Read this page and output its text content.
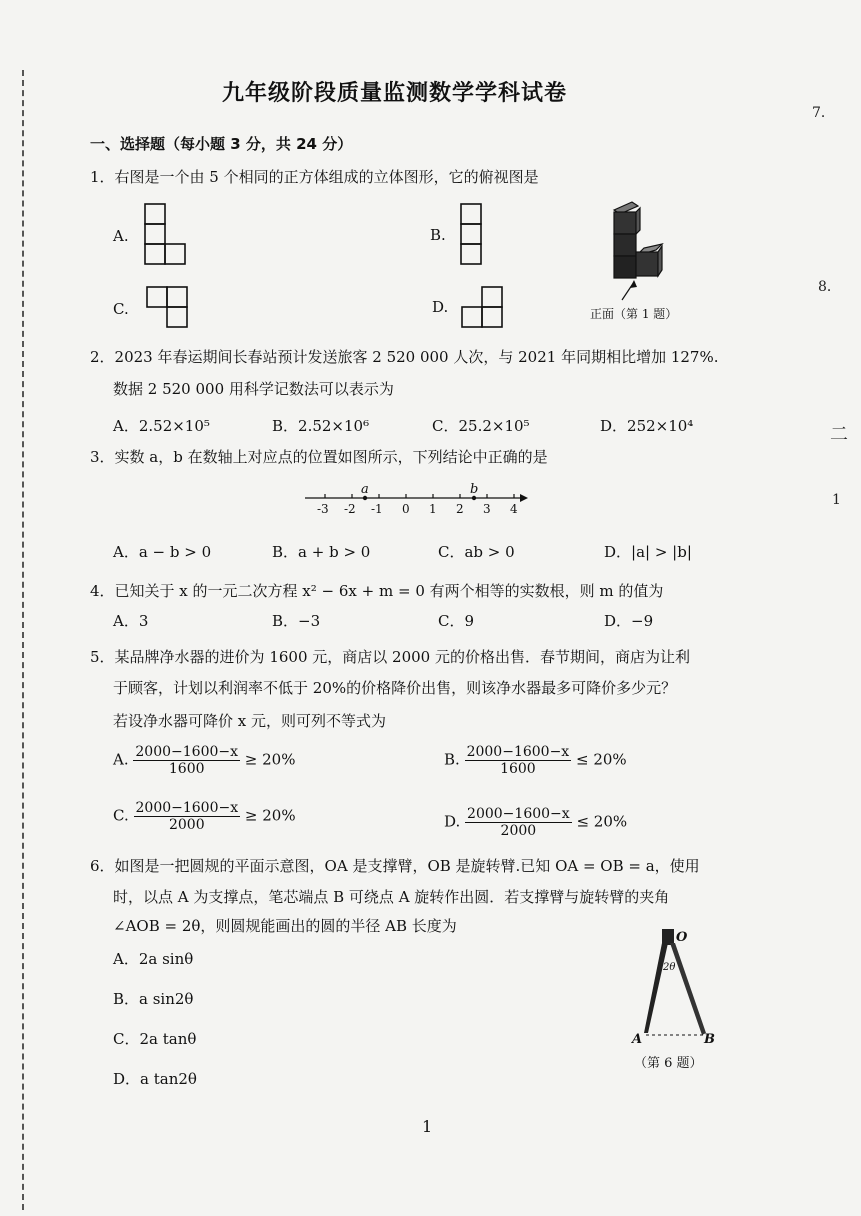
九年级阶段质量监测数学学科试卷
一、选择题（每小题 3 分，共 24 分）
1．右图是一个由 5 个相同的正方体组成的立体图形，它的俯视图是
A.	B.
C.	D.	正面（第 1 题）
2．2023 年春运期间长春站预计发送旅客 2 520 000 人次，与 2021 年同期相比增加 127%.
数据 2 520 000 用科学记数法可以表示为
A．2.52×10⁵	B．2.52×10⁶	C．25.2×10⁵	D．252×10⁴
3．实数 a，b 在数轴上对应点的位置如图所示，下列结论中正确的是
-3 -2 -1 0 1 2 3 4
a	b
A．a − b > 0	B．a + b > 0	C．ab > 0	D．|a| > |b|
4．已知关于 x 的一元二次方程 x² − 6x + m = 0 有两个相等的实数根，则 m 的值为
A．3	B．−3	C．9	D．−9
5．某品牌净水器的进价为 1600 元，商店以 2000 元的价格出售．春节期间，商店为让利
于顾客，计划以利润率不低于 20%的价格降价出售，则该净水器最多可降价多少元？
若设净水器可降价 x 元，则可列不等式为
A. $\frac{2000-1600-x}{1600} \ge 20\%$	B. $\frac{2000-1600-x}{1600} \le 20\%$
C. $\frac{2000-1600-x}{2000} \ge 20\%$	D. $\frac{2000-1600-x}{2000} \le 20\%$
6．如图是一把圆规的平面示意图，OA 是支撑臂，OB 是旋转臂.已知 OA = OB = a，使用
时，以点 A 为支撑点，笔芯端点 B 可绕点 A 旋转作出圆．若支撑臂与旋转臂的夹角
∠AOB = 2θ，则圆规能画出的圆的半径 AB 长度为
A．2a sinθ
B．a sin2θ
C．2a tanθ
D．a tan2θ
O
2θ
A	B
（第 6 题）
1
7．
8．
二
1
